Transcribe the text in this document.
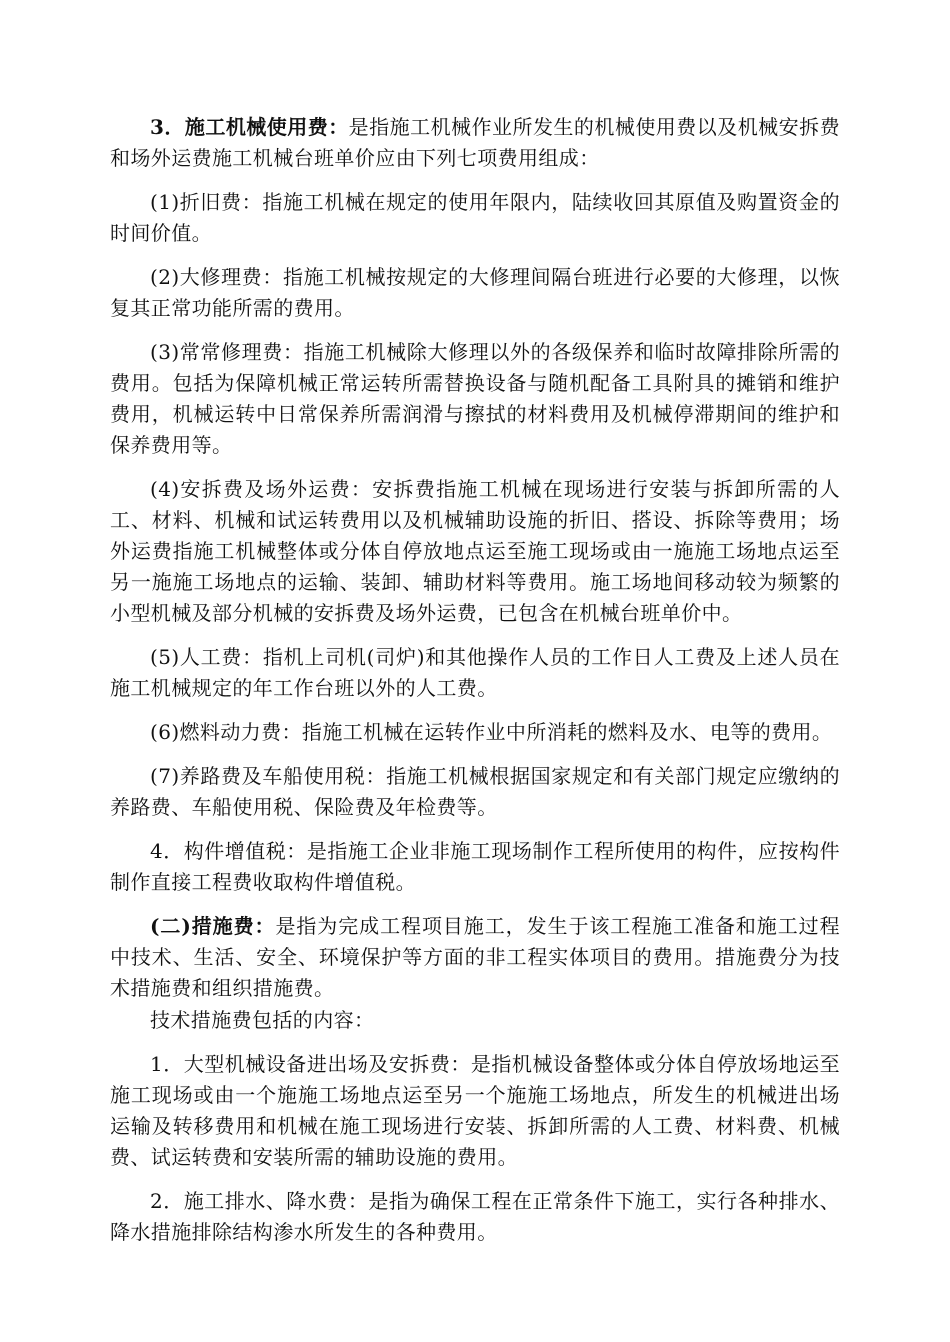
3．施工机械使用费：是指施工机械作业所发生的机械使用费以及机械安拆费和场外运费施工机械台班单价应由下列七项费用组成：

(1)折旧费：指施工机械在规定的使用年限内，陆续收回其原值及购置资金的时间价值。

(2)大修理费：指施工机械按规定的大修理间隔台班进行必要的大修理，以恢复其正常功能所需的费用。

(3)常常修理费：指施工机械除大修理以外的各级保养和临时故障排除所需的费用。包括为保障机械正常运转所需替换设备与随机配备工具附具的摊销和维护费用，机械运转中日常保养所需润滑与擦拭的材料费用及机械停滞期间的维护和保养费用等。

(4)安拆费及场外运费：安拆费指施工机械在现场进行安装与拆卸所需的人工、材料、机械和试运转费用以及机械辅助设施的折旧、搭设、拆除等费用；场外运费指施工机械整体或分体自停放地点运至施工现场或由一施施工场地点运至另一施施工场地点的运输、装卸、辅助材料等费用。施工场地间移动较为频繁的小型机械及部分机械的安拆费及场外运费，已包含在机械台班单价中。

(5)人工费：指机上司机(司炉)和其他操作人员的工作日人工费及上述人员在施工机械规定的年工作台班以外的人工费。

(6)燃料动力费：指施工机械在运转作业中所消耗的燃料及水、电等的费用。

(7)养路费及车船使用税：指施工机械根据国家规定和有关部门规定应缴纳的养路费、车船使用税、保险费及年检费等。

4．构件增值税：是指施工企业非施工现场制作工程所使用的构件，应按构件制作直接工程费收取构件增值税。

(二)措施费：是指为完成工程项目施工，发生于该工程施工准备和施工过程中技术、生活、安全、环境保护等方面的非工程实体项目的费用。措施费分为技术措施费和组织措施费。

技术措施费包括的内容：

1．大型机械设备进出场及安拆费：是指机械设备整体或分体自停放场地运至施工现场或由一个施施工场地点运至另一个施施工场地点，所发生的机械进出场运输及转移费用和机械在施工现场进行安装、拆卸所需的人工费、材料费、机械费、试运转费和安装所需的辅助设施的费用。

2．施工排水、降水费：是指为确保工程在正常条件下施工，实行各种排水、降水措施排除结构渗水所发生的各种费用。
